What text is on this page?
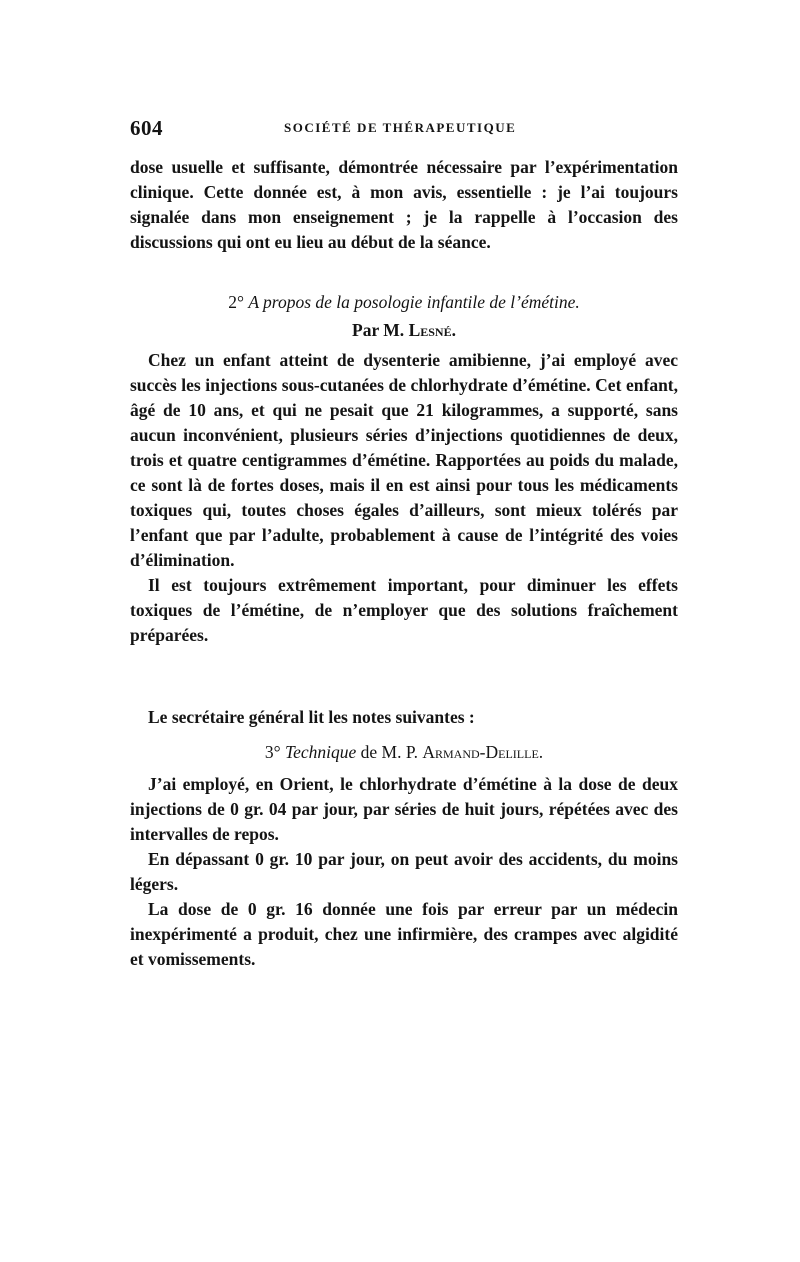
604	SOCIÉTÉ DE THÉRAPEUTIQUE

dose usuelle et suffisante, démontrée nécessaire par l’expérimentation clinique. Cette donnée est, à mon avis, essentielle : je l’ai toujours signalée dans mon enseignement ; je la rappelle à l’occasion des discussions qui ont eu lieu au début de la séance.

2° A propos de la posologie infantile de l’émétine.
Par M. Lesné.

Chez un enfant atteint de dysenterie amibienne, j’ai employé avec succès les injections sous-cutanées de chlorhydrate d’émétine. Cet enfant, âgé de 10 ans, et qui ne pesait que 21 kilogrammes, a supporté, sans aucun inconvénient, plusieurs séries d’injections quotidiennes de deux, trois et quatre centigrammes d’émétine. Rapportées au poids du malade, ce sont là de fortes doses, mais il en est ainsi pour tous les médicaments toxiques qui, toutes choses égales d’ailleurs, sont mieux tolérés par l’enfant que par l’adulte, probablement à cause de l’intégrité des voies d’élimination.

Il est toujours extrêmement important, pour diminuer les effets toxiques de l’émétine, de n’employer que des solutions fraîchement préparées.

Le secrétaire général lit les notes suivantes :

3° Technique de M. P. Armand-Delille.

J’ai employé, en Orient, le chlorhydrate d’émétine à la dose de deux injections de 0 gr. 04 par jour, par séries de huit jours, répétées avec des intervalles de repos.

En dépassant 0 gr. 10 par jour, on peut avoir des accidents, du moins légers.

La dose de 0 gr. 16 donnée une fois par erreur par un médecin inexpérimenté a produit, chez une infirmière, des crampes avec algidité et vomissements.
